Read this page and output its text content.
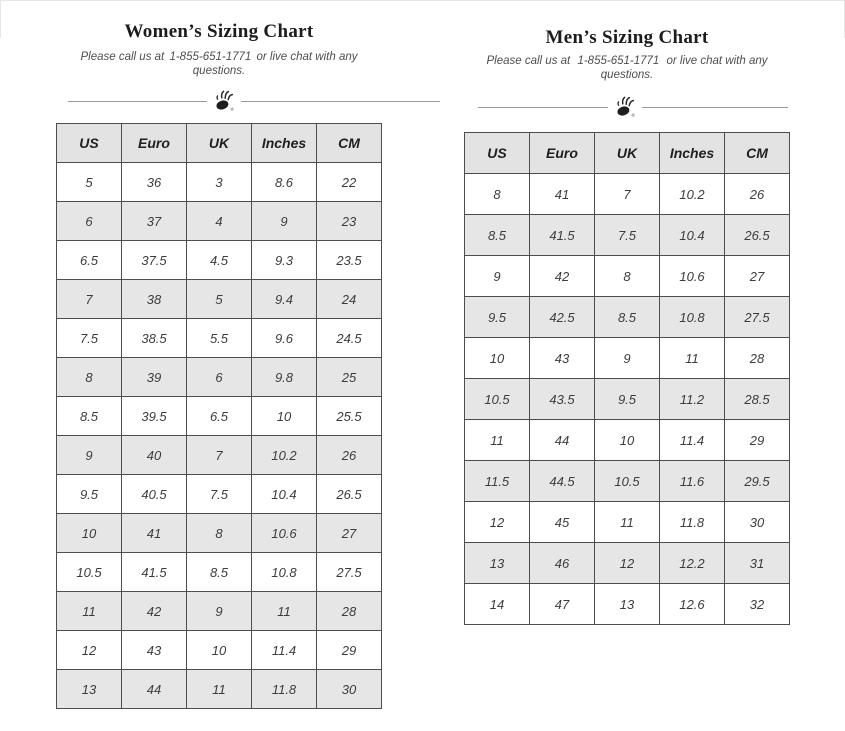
Women’s Sizing Chart

Please call us at 1-855-651-1771 or live chat with any questions.

®
US	Euro	UK	Inches	CM
5	36	3	8.6	22
6	37	4	9	23
6.5	37.5	4.5	9.3	23.5
7	38	5	9.4	24
7.5	38.5	5.5	9.6	24.5
8	39	6	9.8	25
8.5	39.5	6.5	10	25.5
9	40	7	10.2	26
9.5	40.5	7.5	10.4	26.5
10	41	8	10.6	27
10.5	41.5	8.5	10.8	27.5
11	42	9	11	28
12	43	10	11.4	29
13	44	11	11.8	30
Men’s Sizing Chart

Please call us at 1-855-651-1771 or live chat with any questions.

®
US	Euro	UK	Inches	CM
8	41	7	10.2	26
8.5	41.5	7.5	10.4	26.5
9	42	8	10.6	27
9.5	42.5	8.5	10.8	27.5
10	43	9	11	28
10.5	43.5	9.5	11.2	28.5
11	44	10	11.4	29
11.5	44.5	10.5	11.6	29.5
12	45	11	11.8	30
13	46	12	12.2	31
14	47	13	12.6	32
